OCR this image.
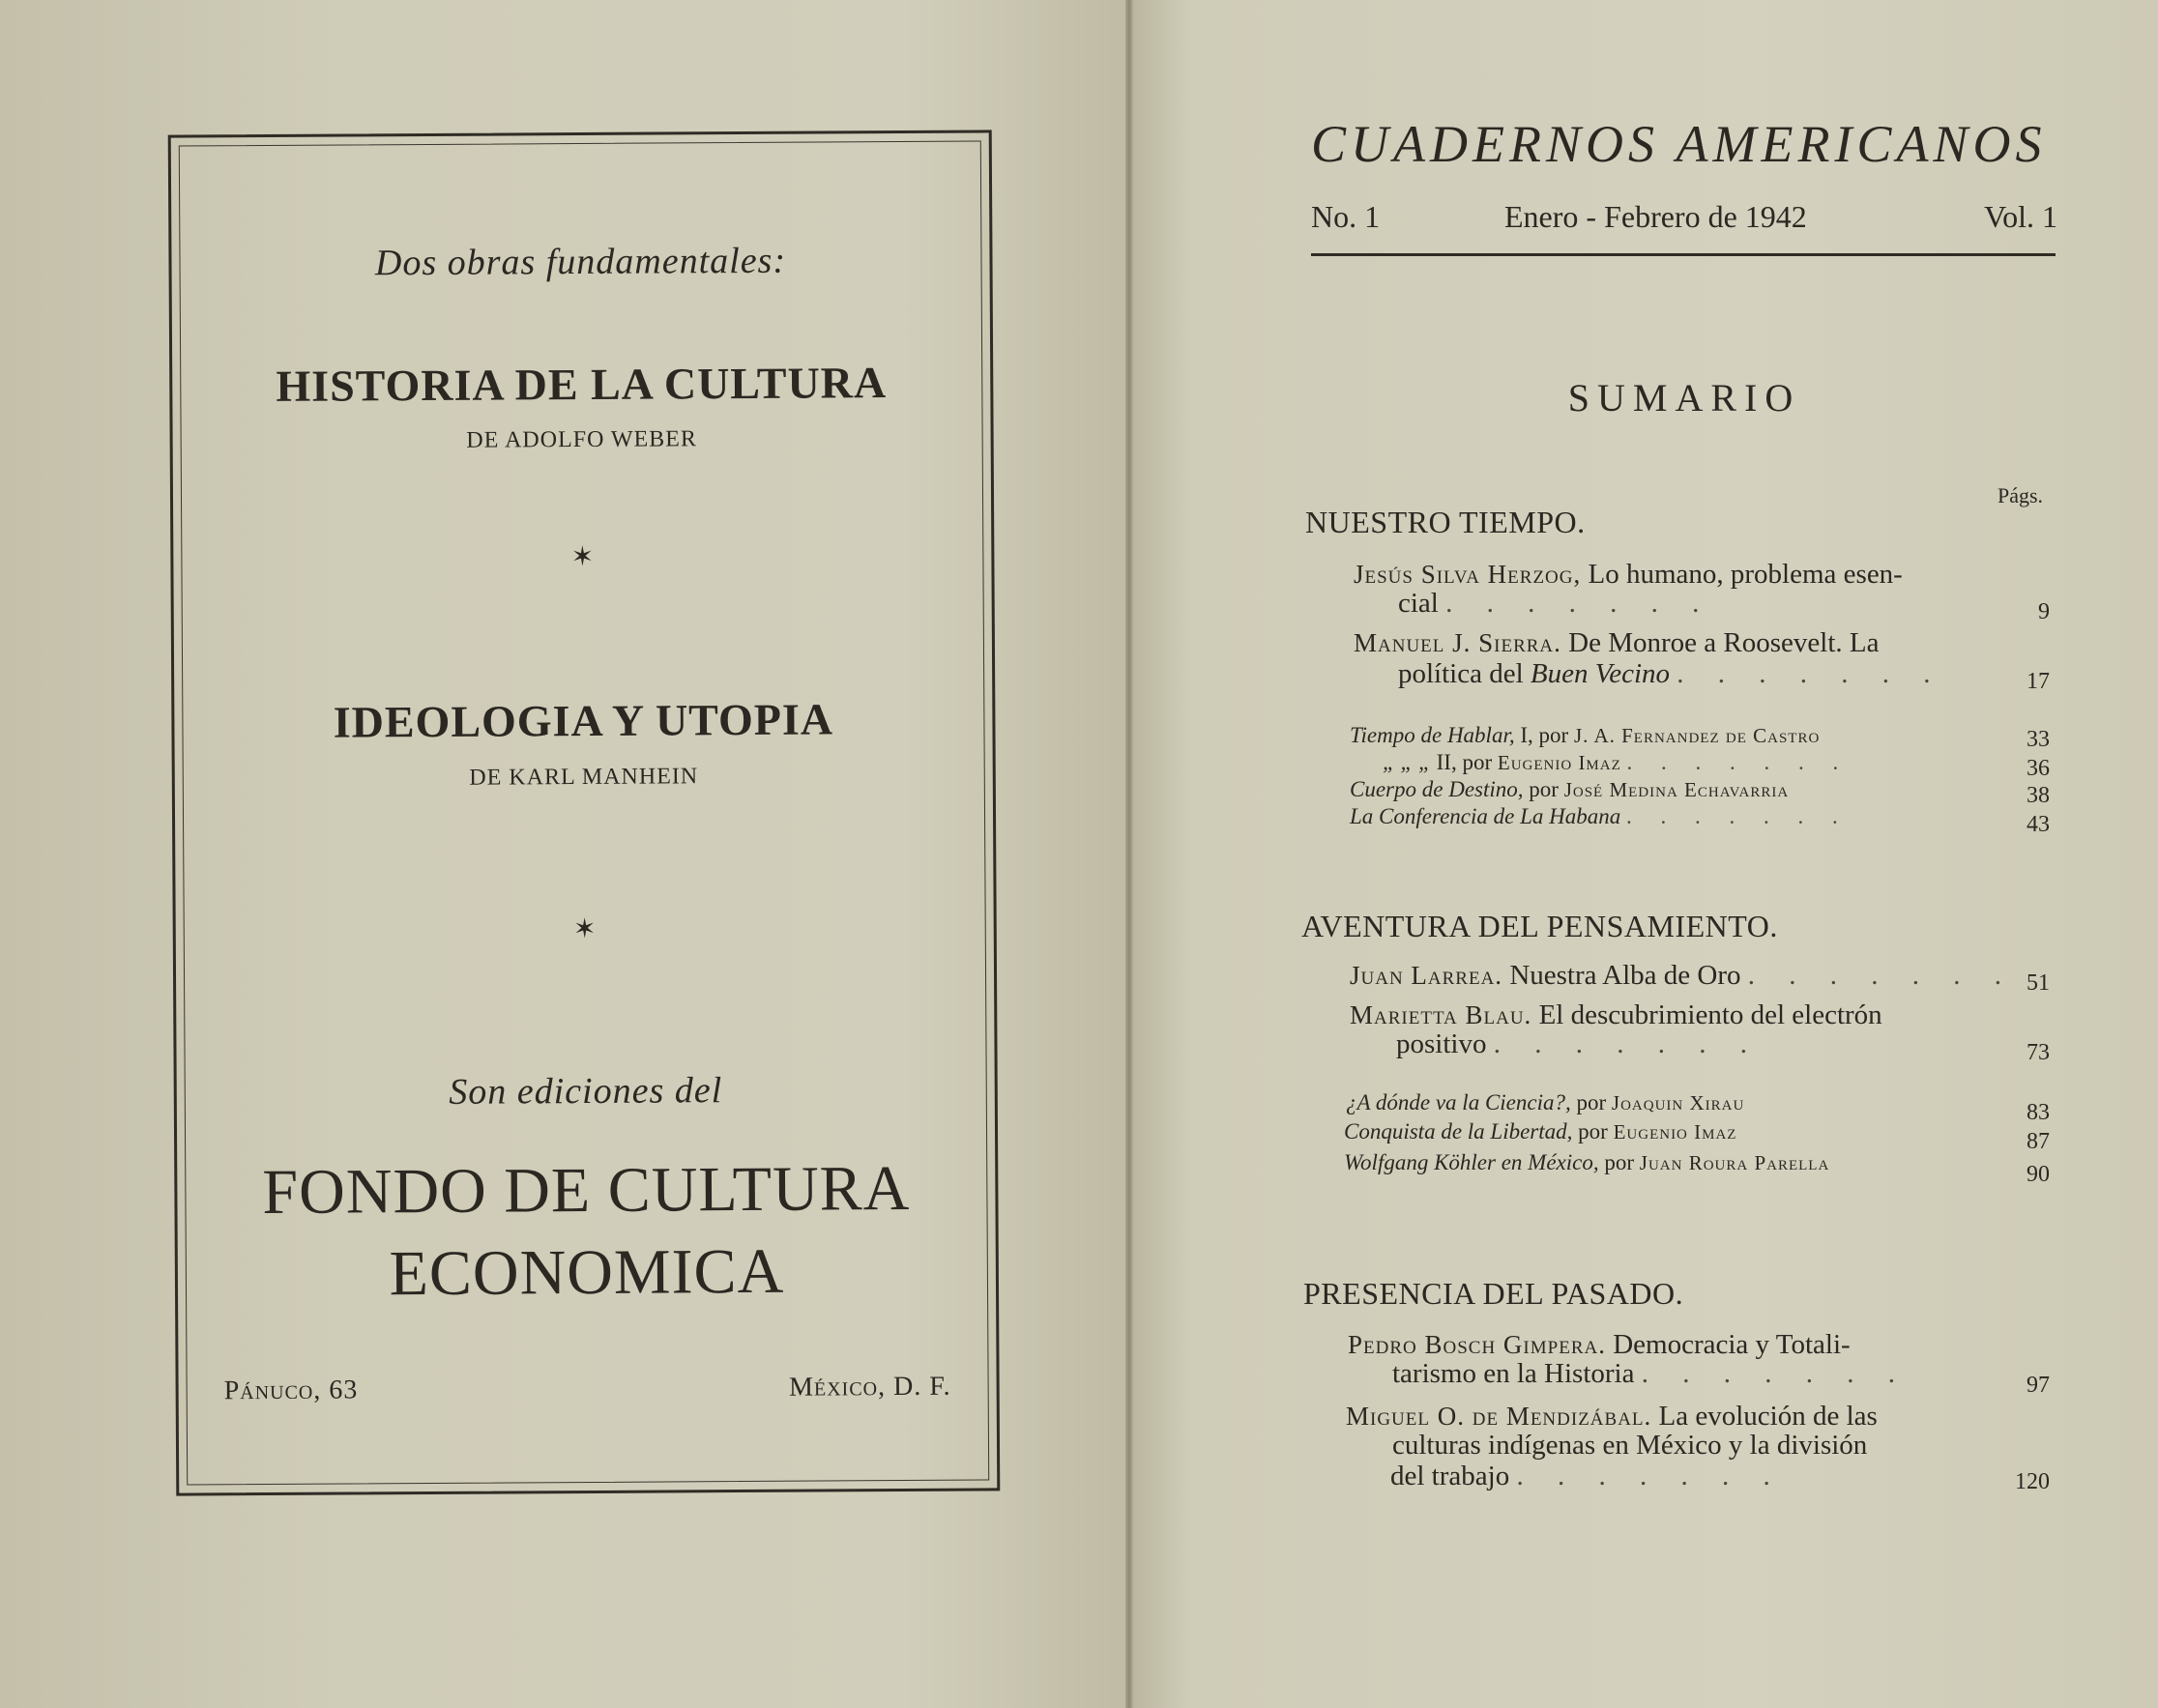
Dos obras fundamentales:
HISTORIA DE LA CULTURA
DE ADOLFO WEBER
✶
IDEOLOGIA Y UTOPIA
DE KARL MANHEIN
✶
Son ediciones del
FONDO DE CULTURA
ECONOMICA
Pánuco, 63	México, D. F.
CUADERNOS AMERICANOS
No. 1	Enero - Febrero de 1942	Vol. 1
SUMARIO
Págs.
NUESTRO TIEMPO.
Jesús Silva Herzog, Lo humano, problema esen-
cial . . . . . . .	9
Manuel J. Sierra. De Monroe a Roosevelt. La
política del Buen Vecino . . . . . . .	17
Tiempo de Hablar, I, por J. A. Fernandez de Castro	33
„ „ „ II, por Eugenio Imaz . . . . . . .	36
Cuerpo de Destino, por José Medina Echavarria	38
La Conferencia de La Habana . . . . . . .	43
AVENTURA DEL PENSAMIENTO.
Juan Larrea. Nuestra Alba de Oro . . . . . . . 51
Marietta Blau. El descubrimiento del electrón
positivo . . . . . . .	73
¿A dónde va la Ciencia?, por Joaquin Xirau	83
Conquista de la Libertad, por Eugenio Imaz	87
Wolfgang Köhler en México, por Juan Roura Parella	90
PRESENCIA DEL PASADO.
Pedro Bosch Gimpera. Democracia y Totali-
tarismo en la Historia . . . . . . .	97
Miguel O. de Mendizábal. La evolución de las
culturas indígenas en México y la división
del trabajo . . . . . . .	120
